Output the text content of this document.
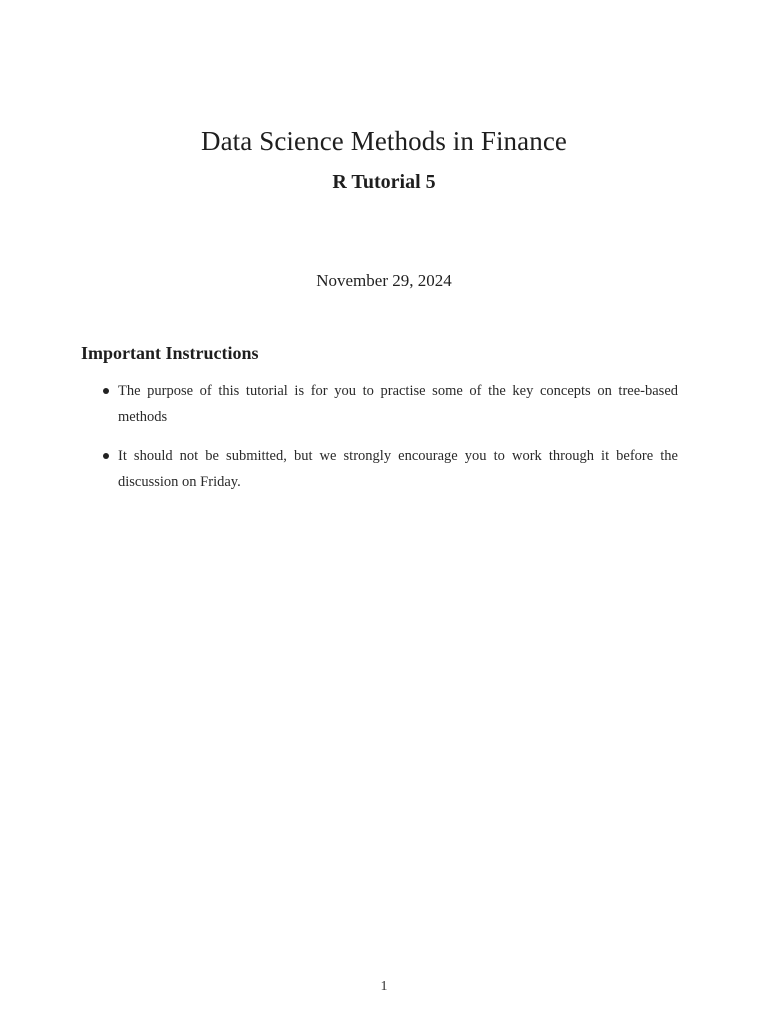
Data Science Methods in Finance
R Tutorial 5
November 29, 2024
Important Instructions
The purpose of this tutorial is for you to practise some of the key concepts on tree-based methods
It should not be submitted, but we strongly encourage you to work through it before the discussion on Friday.
1
